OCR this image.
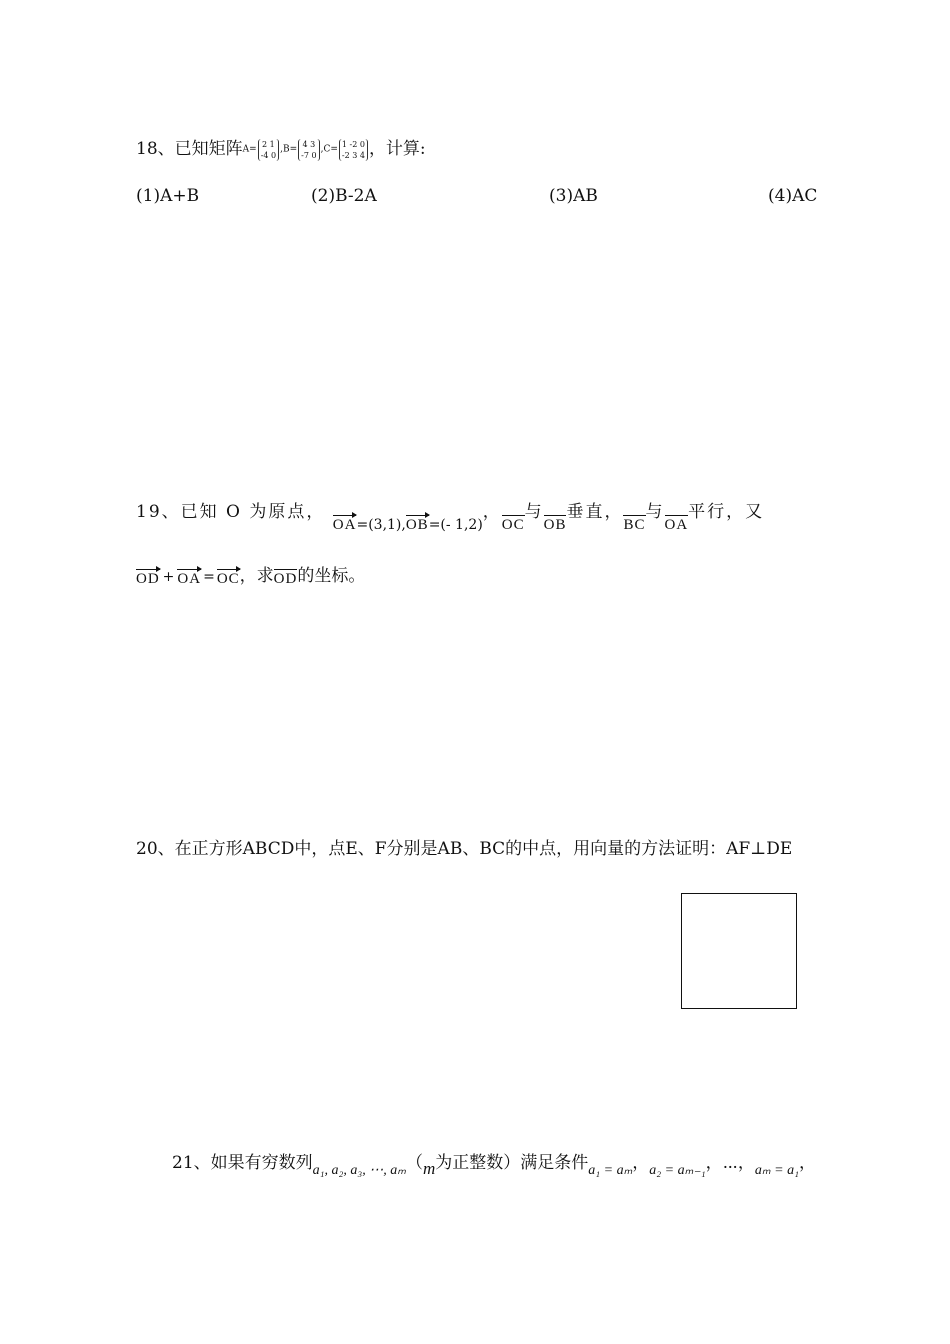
18、已知矩阵A=2 1
-4 0,B=4 3
-7 0,C=1 -2 0
-2 3 4 ，计算:
(1)A+B	(2)B-2A	(3)AB	(4)AC
19、已知 O 为原点， $OA_{=(3,1),}OB_{=(- 1,2)}$，OC与OB垂直，BC与OA平行，又
OD + OA = OC，求OD的坐标。
20、在正方形ABCD中，点E、F分别是AB、BC的中点，用向量的方法证明：AF⊥DE
21、如果有穷数列$_{a_1, a_2, a_3, \cdots, a_m}$（m为正整数）满足条件$_{a_1 = a_m}$，$_{a_2 = a_{m-1}}$，⋯，$_{a_m = a_1}$，
